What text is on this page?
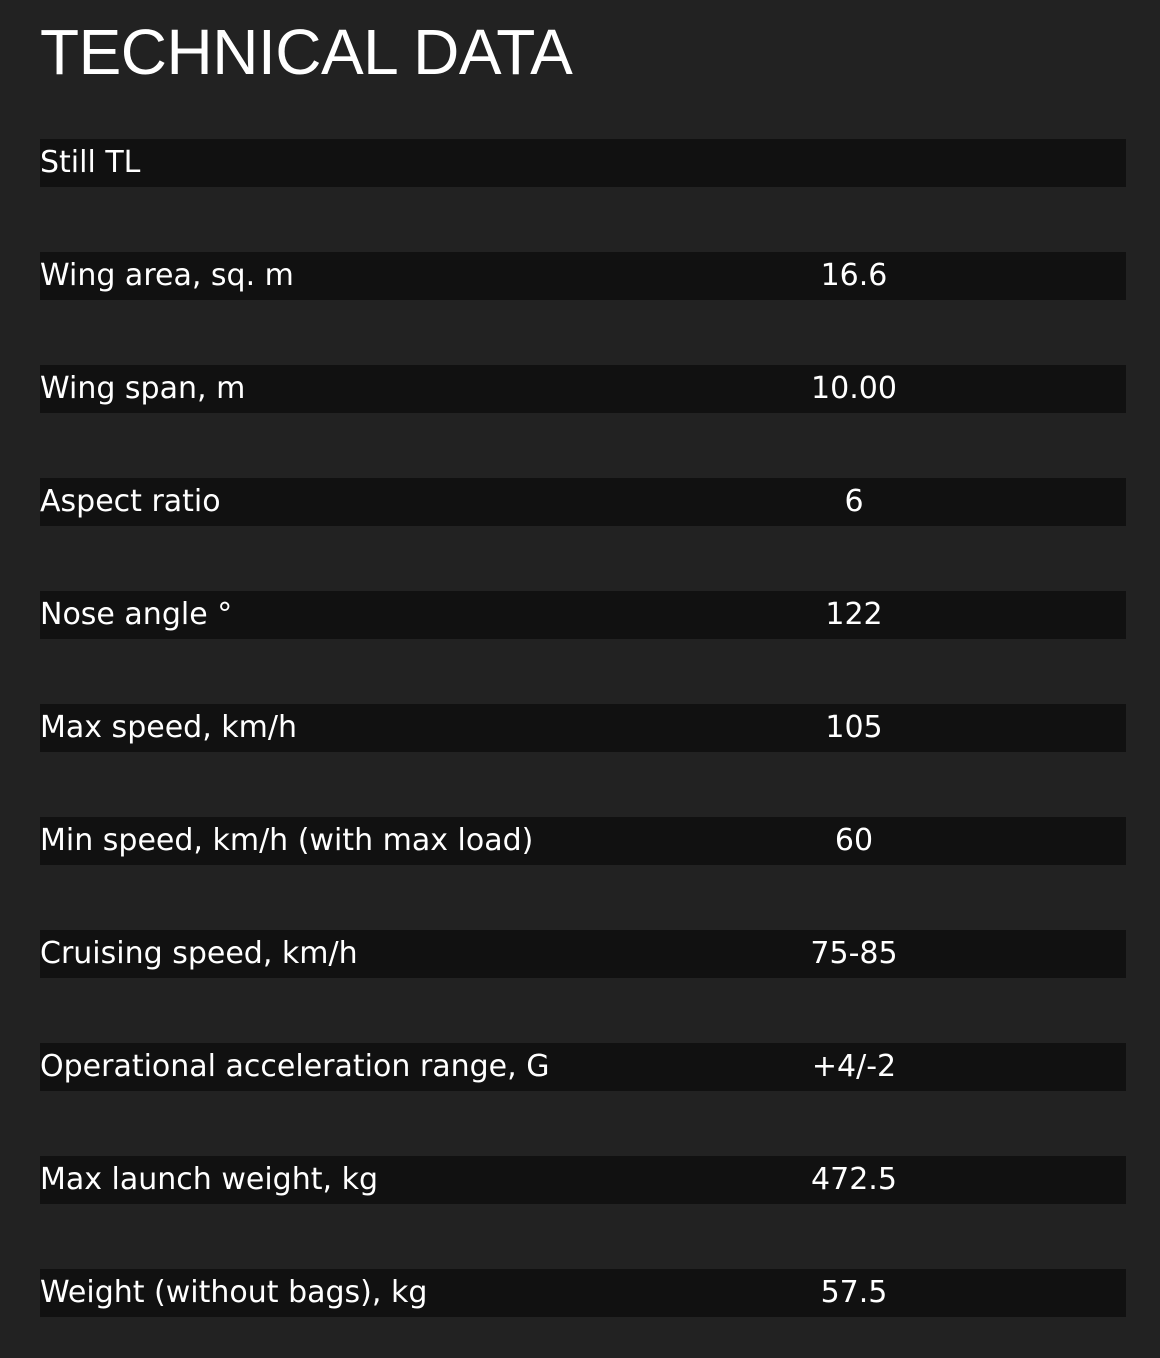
TECHNICAL DATA
Still TL
Wing area, sq. m	16.6
Wing span, m	10.00
Aspect ratio	6
Nose angle °	122
Max speed, km/h	105
Min speed, km/h (with max load)	60
Cruising speed, km/h	75-85
Operational acceleration range, G	+4/-2
Max launch weight, kg	472.5
Weight (without bags), kg	57.5
